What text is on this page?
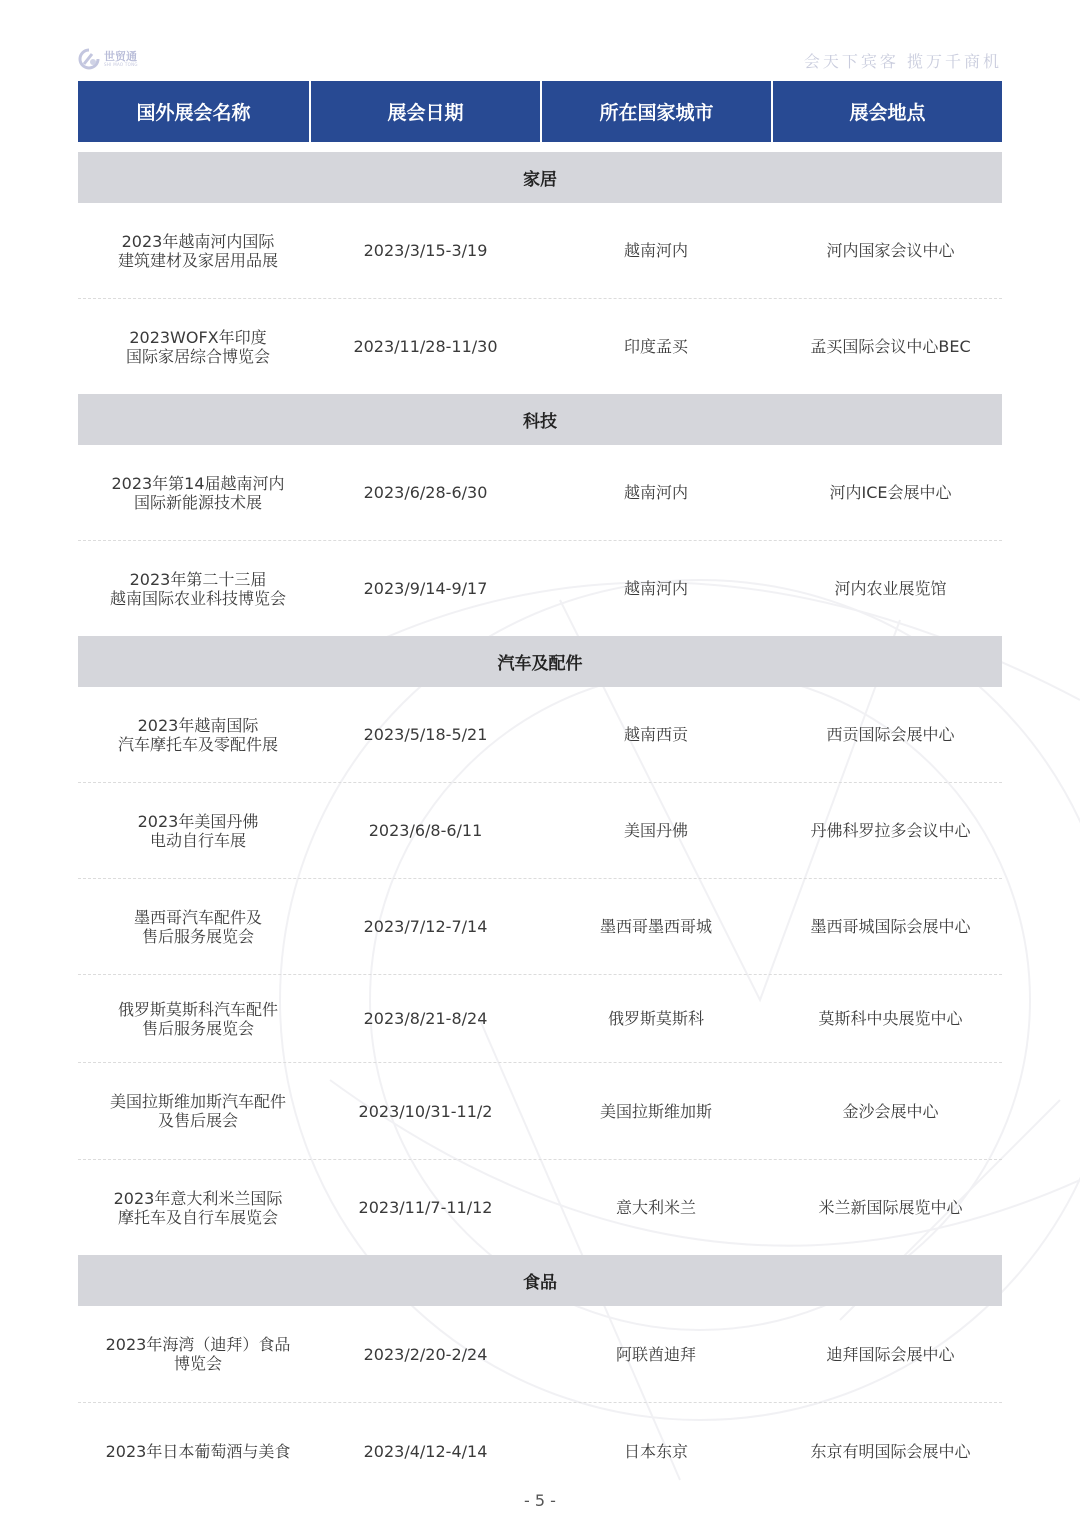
世贸通
SHI MAO TONG	会天下宾客 揽万千商机
国外展会名称	展会日期	所在国家城市	展会地点
家居
2023年越南河内国际
建筑建材及家居用品展	2023/3/15-3/19	越南河内	河内国家会议中心
2023WOFX年印度
国际家居综合博览会	2023/11/28-11/30	印度孟买	孟买国际会议中心BEC
科技
2023年第14届越南河内
国际新能源技术展	2023/6/28-6/30	越南河内	河内ICE会展中心
2023年第二十三届
越南国际农业科技博览会	2023/9/14-9/17	越南河内	河内农业展览馆
汽车及配件
2023年越南国际
汽车摩托车及零配件展	2023/5/18-5/21	越南西贡	西贡国际会展中心
2023年美国丹佛
电动自行车展	2023/6/8-6/11	美国丹佛	丹佛科罗拉多会议中心
墨西哥汽车配件及
售后服务展览会	2023/7/12-7/14	墨西哥墨西哥城	墨西哥城国际会展中心
俄罗斯莫斯科汽车配件
售后服务展览会	2023/8/21-8/24	俄罗斯莫斯科	莫斯科中央展览中心
美国拉斯维加斯汽车配件
及售后展会	2023/10/31-11/2	美国拉斯维加斯	金沙会展中心
2023年意大利米兰国际
摩托车及自行车展览会	2023/11/7-11/12	意大利米兰	米兰新国际展览中心
食品
2023年海湾（迪拜）食品
博览会	2023/2/20-2/24	阿联酋迪拜	迪拜国际会展中心
2023年日本葡萄酒与美食	2023/4/12-4/14	日本东京	东京有明国际会展中心
- 5 -
